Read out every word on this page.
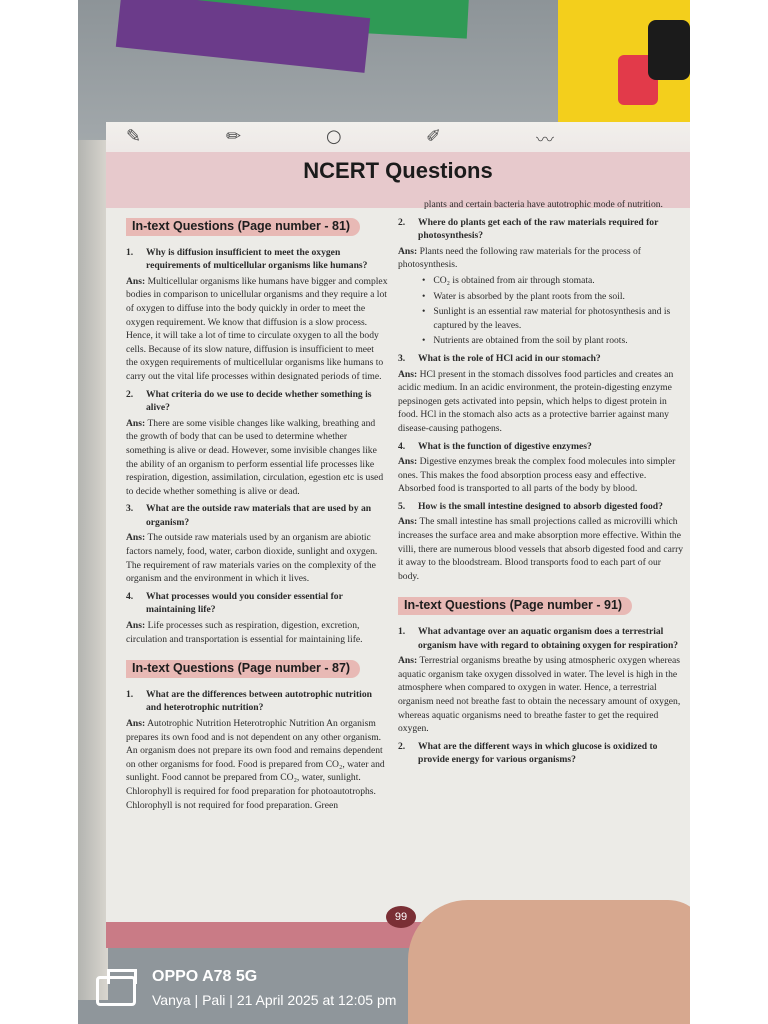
✎	✏	○	✐	〰
NCERT Questions
In-text Questions (Page number - 81)
1.	Why is diffusion insufficient to meet the oxygen requirements of multicellular organisms like humans?
Ans: Multicellular organisms like humans have bigger and complex bodies in comparison to unicellular organisms and they require a lot of oxygen to diffuse into the body quickly in order to meet the oxygen requirement. We know that diffusion is a slow process. Hence, it will take a lot of time to circulate oxygen to all the body cells. Because of its slow nature, diffusion is insufficient to meet the oxygen requirements of multicellular organisms like humans to carry out the vital life processes within designated periods of time.
2.	What criteria do we use to decide whether something is alive?
Ans: There are some visible changes like walking, breathing and the growth of body that can be used to determine whether something is alive or dead. However, some invisible changes like the ability of an organism to perform essential life processes like respiration, digestion, assimilation, circulation, egestion etc is used to decide whether something is alive or dead.
3.	What are the outside raw materials that are used by an organism?
Ans: The outside raw materials used by an organism are abiotic factors namely, food, water, carbon dioxide, sunlight and oxygen. The requirement of raw materials varies on the complexity of the organism and the environment in which it lives.
4.	What processes would you consider essential for maintaining life?
Ans: Life processes such as respiration, digestion, excretion, circulation and transportation is essential for maintaining life.
In-text Questions (Page number - 87)
1.	What are the differences between autotrophic nutrition and heterotrophic nutrition?
Ans: Autotrophic Nutrition Heterotrophic Nutrition An organism prepares its own food and is not dependent on any other organism. An organism does not prepare its own food and remains dependent on other organisms for food. Food is prepared from CO₂, water and sunlight. Food cannot be prepared from CO₂, water, sunlight. Chlorophyll is required for food preparation for photoautotrophs. Chlorophyll is not required for food preparation. Green
plants and certain bacteria have autotrophic mode of nutrition.
2.	Where do plants get each of the raw materials required for photosynthesis?
Ans: Plants need the following raw materials for the process of photosynthesis.
• CO₂ is obtained from air through stomata.
• Water is absorbed by the plant roots from the soil.
• Sunlight is an essential raw material for photosynthesis and is captured by the leaves.
• Nutrients are obtained from the soil by plant roots.
3.	What is the role of HCl acid in our stomach?
Ans: HCl present in the stomach dissolves food particles and creates an acidic medium. In an acidic environment, the protein-digesting enzyme pepsinogen gets activated into pepsin, which helps to digest protein in food. HCl in the stomach also acts as a protective barrier against many disease-causing pathogens.
4.	What is the function of digestive enzymes?
Ans: Digestive enzymes break the complex food molecules into simpler ones. This makes the food absorption process easy and effective. Absorbed food is transported to all parts of the body by blood.
5.	How is the small intestine designed to absorb digested food?
Ans: The small intestine has small projections called as microvilli which increases the surface area and make absorption more effective. Within the villi, there are numerous blood vessels that absorb digested food and carry it away to the bloodstream. Blood transports food to each part of our body.
In-text Questions (Page number - 91)
1.	What advantage over an aquatic organism does a terrestrial organism have with regard to obtaining oxygen for respiration?
Ans: Terrestrial organisms breathe by using atmospheric oxygen whereas aquatic organism take oxygen dissolved in water. The level is high in the atmosphere when compared to oxygen in water. Hence, a terrestrial organism need not breathe fast to obtain the necessary amount of oxygen, whereas aquatic organisms need to breathe faster to get the required oxygen.
2.	What are the different ways in which glucose is oxidized to provide energy for various organisms?
99
OPPO A78 5G
Vanya | Pali | 21 April 2025 at 12:05 pm
